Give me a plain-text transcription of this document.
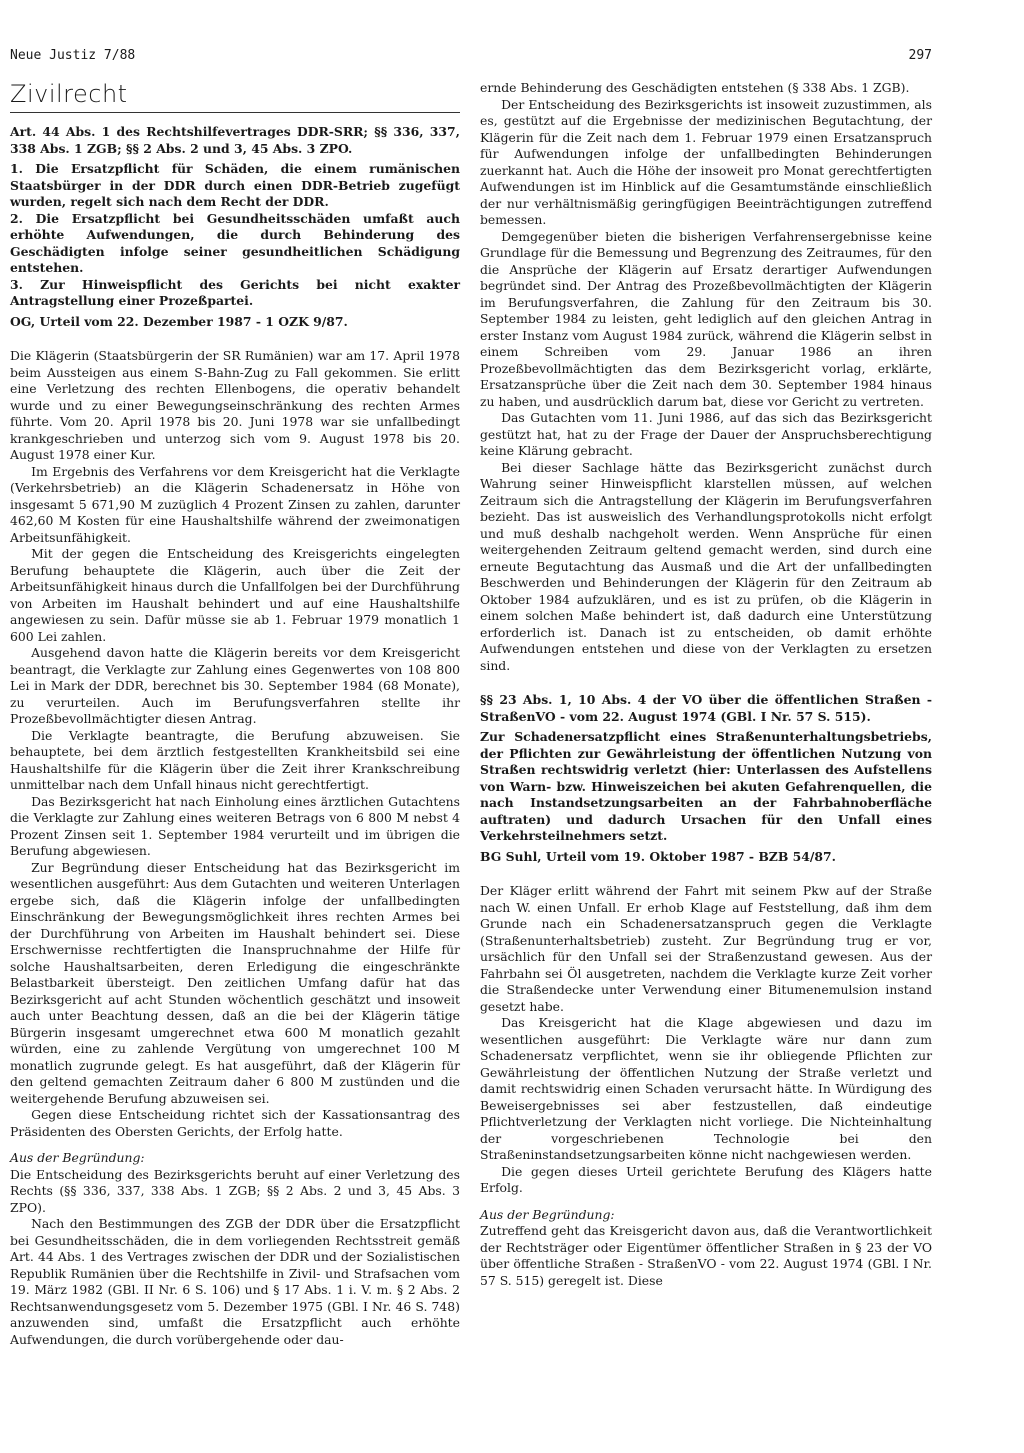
Neue Justiz 7/88	297
Zivilrecht

Art. 44 Abs. 1 des Rechtshilfevertrages DDR-SRR; §§ 336, 337, 338 Abs. 1 ZGB; §§ 2 Abs. 2 und 3, 45 Abs. 3 ZPO.

1. Die Ersatzpflicht für Schäden, die einem rumänischen Staatsbürger in der DDR durch einen DDR-Betrieb zugefügt wurden, regelt sich nach dem Recht der DDR.

2. Die Ersatzpflicht bei Gesundheitsschäden umfaßt auch erhöhte Aufwendungen, die durch Behinderung des Geschädigten infolge seiner gesundheitlichen Schädigung entstehen.

3. Zur Hinweispflicht des Gerichts bei nicht exakter Antragstellung einer Prozeßpartei.

OG, Urteil vom 22. Dezember 1987 - 1 OZK 9/87.

Die Klägerin (Staatsbürgerin der SR Rumänien) war am 17. April 1978 beim Aussteigen aus einem S-Bahn-Zug zu Fall gekommen. Sie erlitt eine Verletzung des rechten Ellenbogens, die operativ behandelt wurde und zu einer Bewegungseinschränkung des rechten Armes führte. Vom 20. April 1978 bis 20. Juni 1978 war sie unfallbedingt krankgeschrieben und unterzog sich vom 9. August 1978 bis 20. August 1978 einer Kur.

Im Ergebnis des Verfahrens vor dem Kreisgericht hat die Verklagte (Verkehrsbetrieb) an die Klägerin Schadenersatz in Höhe von insgesamt 5 671,90 M zuzüglich 4 Prozent Zinsen zu zahlen, darunter 462,60 M Kosten für eine Haushaltshilfe während der zweimonatigen Arbeitsunfähigkeit.

Mit der gegen die Entscheidung des Kreisgerichts eingelegten Berufung behauptete die Klägerin, auch über die Zeit der Arbeitsunfähigkeit hinaus durch die Unfallfolgen bei der Durchführung von Arbeiten im Haushalt behindert und auf eine Haushaltshilfe angewiesen zu sein. Dafür müsse sie ab 1. Februar 1979 monatlich 1 600 Lei zahlen.

Ausgehend davon hatte die Klägerin bereits vor dem Kreisgericht beantragt, die Verklagte zur Zahlung eines Gegenwertes von 108 800 Lei in Mark der DDR, berechnet bis 30. September 1984 (68 Monate), zu verurteilen. Auch im Berufungsverfahren stellte ihr Prozeßbevollmächtigter diesen Antrag.

Die Verklagte beantragte, die Berufung abzuweisen. Sie behauptete, bei dem ärztlich festgestellten Krankheitsbild sei eine Haushaltshilfe für die Klägerin über die Zeit ihrer Krankschreibung unmittelbar nach dem Unfall hinaus nicht gerechtfertigt.

Das Bezirksgericht hat nach Einholung eines ärztlichen Gutachtens die Verklagte zur Zahlung eines weiteren Betrags von 6 800 M nebst 4 Prozent Zinsen seit 1. September 1984 verurteilt und im übrigen die Berufung abgewiesen.

Zur Begründung dieser Entscheidung hat das Bezirksgericht im wesentlichen ausgeführt: Aus dem Gutachten und weiteren Unterlagen ergebe sich, daß die Klägerin infolge der unfallbedingten Einschränkung der Bewegungsmöglichkeit ihres rechten Armes bei der Durchführung von Arbeiten im Haushalt behindert sei. Diese Erschwernisse rechtfertigten die Inanspruchnahme der Hilfe für solche Haushaltsarbeiten, deren Erledigung die eingeschränkte Belastbarkeit übersteigt. Den zeitlichen Umfang dafür hat das Bezirksgericht auf acht Stunden wöchentlich geschätzt und insoweit auch unter Beachtung dessen, daß an die bei der Klägerin tätige Bürgerin insgesamt umgerechnet etwa 600 M monatlich gezahlt würden, eine zu zahlende Vergütung von umgerechnet 100 M monatlich zugrunde gelegt. Es hat ausgeführt, daß der Klägerin für den geltend gemachten Zeitraum daher 6 800 M zustünden und die weitergehende Berufung abzuweisen sei.

Gegen diese Entscheidung richtet sich der Kassationsantrag des Präsidenten des Obersten Gerichts, der Erfolg hatte.

Aus der Begründung:

Die Entscheidung des Bezirksgerichts beruht auf einer Verletzung des Rechts (§§ 336, 337, 338 Abs. 1 ZGB; §§ 2 Abs. 2 und 3, 45 Abs. 3 ZPO).

Nach den Bestimmungen des ZGB der DDR über die Ersatzpflicht bei Gesundheitsschäden, die in dem vorliegenden Rechtsstreit gemäß Art. 44 Abs. 1 des Vertrages zwischen der DDR und der Sozialistischen Republik Rumänien über die Rechtshilfe in Zivil- und Strafsachen vom 19. März 1982 (GBl. II Nr. 6 S. 106) und § 17 Abs. 1 i. V. m. § 2 Abs. 2 Rechtsanwendungsgesetz vom 5. Dezember 1975 (GBl. I Nr. 46 S. 748) anzuwenden sind, umfaßt die Ersatzpflicht auch erhöhte Aufwendungen, die durch vorübergehende oder dau-

ernde Behinderung des Geschädigten entstehen (§ 338 Abs. 1 ZGB).

Der Entscheidung des Bezirksgerichts ist insoweit zuzustimmen, als es, gestützt auf die Ergebnisse der medizinischen Begutachtung, der Klägerin für die Zeit nach dem 1. Februar 1979 einen Ersatzanspruch für Aufwendungen infolge der unfallbedingten Behinderungen zuerkannt hat. Auch die Höhe der insoweit pro Monat gerechtfertigten Aufwendungen ist im Hinblick auf die Gesamtumstände einschließlich der nur verhältnismäßig geringfügigen Beeinträchtigungen zutreffend bemessen.

Demgegenüber bieten die bisherigen Verfahrensergebnisse keine Grundlage für die Bemessung und Begrenzung des Zeitraumes, für den die Ansprüche der Klägerin auf Ersatz derartiger Aufwendungen begründet sind. Der Antrag des Prozeßbevollmächtigten der Klägerin im Berufungsverfahren, die Zahlung für den Zeitraum bis 30. September 1984 zu leisten, geht lediglich auf den gleichen Antrag in erster Instanz vom August 1984 zurück, während die Klägerin selbst in einem Schreiben vom 29. Januar 1986 an ihren Prozeßbevollmächtigten das dem Bezirksgericht vorlag, erklärte, Ersatzansprüche über die Zeit nach dem 30. September 1984 hinaus zu haben, und ausdrücklich darum bat, diese vor Gericht zu vertreten.

Das Gutachten vom 11. Juni 1986, auf das sich das Bezirksgericht gestützt hat, hat zu der Frage der Dauer der Anspruchsberechtigung keine Klärung gebracht.

Bei dieser Sachlage hätte das Bezirksgericht zunächst durch Wahrung seiner Hinweispflicht klarstellen müssen, auf welchen Zeitraum sich die Antragstellung der Klägerin im Berufungsverfahren bezieht. Das ist ausweislich des Verhandlungsprotokolls nicht erfolgt und muß deshalb nachgeholt werden. Wenn Ansprüche für einen weitergehenden Zeitraum geltend gemacht werden, sind durch eine erneute Begutachtung das Ausmaß und die Art der unfallbedingten Beschwerden und Behinderungen der Klägerin für den Zeitraum ab Oktober 1984 aufzuklären, und es ist zu prüfen, ob die Klägerin in einem solchen Maße behindert ist, daß dadurch eine Unterstützung erforderlich ist. Danach ist zu entscheiden, ob damit erhöhte Aufwendungen entstehen und diese von der Verklagten zu ersetzen sind.

§§ 23 Abs. 1, 10 Abs. 4 der VO über die öffentlichen Straßen - StraßenVO - vom 22. August 1974 (GBl. I Nr. 57 S. 515).

Zur Schadenersatzpflicht eines Straßenunterhaltungsbetriebs, der Pflichten zur Gewährleistung der öffentlichen Nutzung von Straßen rechtswidrig verletzt (hier: Unterlassen des Aufstellens von Warn- bzw. Hinweiszeichen bei akuten Gefahrenquellen, die nach Instandsetzungsarbeiten an der Fahrbahnoberfläche auftraten) und dadurch Ursachen für den Unfall eines Verkehrsteilnehmers setzt.

BG Suhl, Urteil vom 19. Oktober 1987 - BZB 54/87.

Der Kläger erlitt während der Fahrt mit seinem Pkw auf der Straße nach W. einen Unfall. Er erhob Klage auf Feststellung, daß ihm dem Grunde nach ein Schadenersatzanspruch gegen die Verklagte (Straßenunterhaltsbetrieb) zusteht. Zur Begründung trug er vor, ursächlich für den Unfall sei der Straßenzustand gewesen. Aus der Fahrbahn sei Öl ausgetreten, nachdem die Verklagte kurze Zeit vorher die Straßendecke unter Verwendung einer Bitumenemulsion instand gesetzt habe.

Das Kreisgericht hat die Klage abgewiesen und dazu im wesentlichen ausgeführt: Die Verklagte wäre nur dann zum Schadenersatz verpflichtet, wenn sie ihr obliegende Pflichten zur Gewährleistung der öffentlichen Nutzung der Straße verletzt und damit rechtswidrig einen Schaden verursacht hätte. In Würdigung des Beweisergebnisses sei aber festzustellen, daß eindeutige Pflichtverletzung der Verklagten nicht vorliege. Die Nichteinhaltung der vorgeschriebenen Technologie bei den Straßeninstandsetzungsarbeiten könne nicht nachgewiesen werden.

Die gegen dieses Urteil gerichtete Berufung des Klägers hatte Erfolg.

Aus der Begründung:

Zutreffend geht das Kreisgericht davon aus, daß die Verantwortlichkeit der Rechtsträger oder Eigentümer öffentlicher Straßen in § 23 der VO über öffentliche Straßen - StraßenVO - vom 22. August 1974 (GBl. I Nr. 57 S. 515) geregelt ist. Diese
